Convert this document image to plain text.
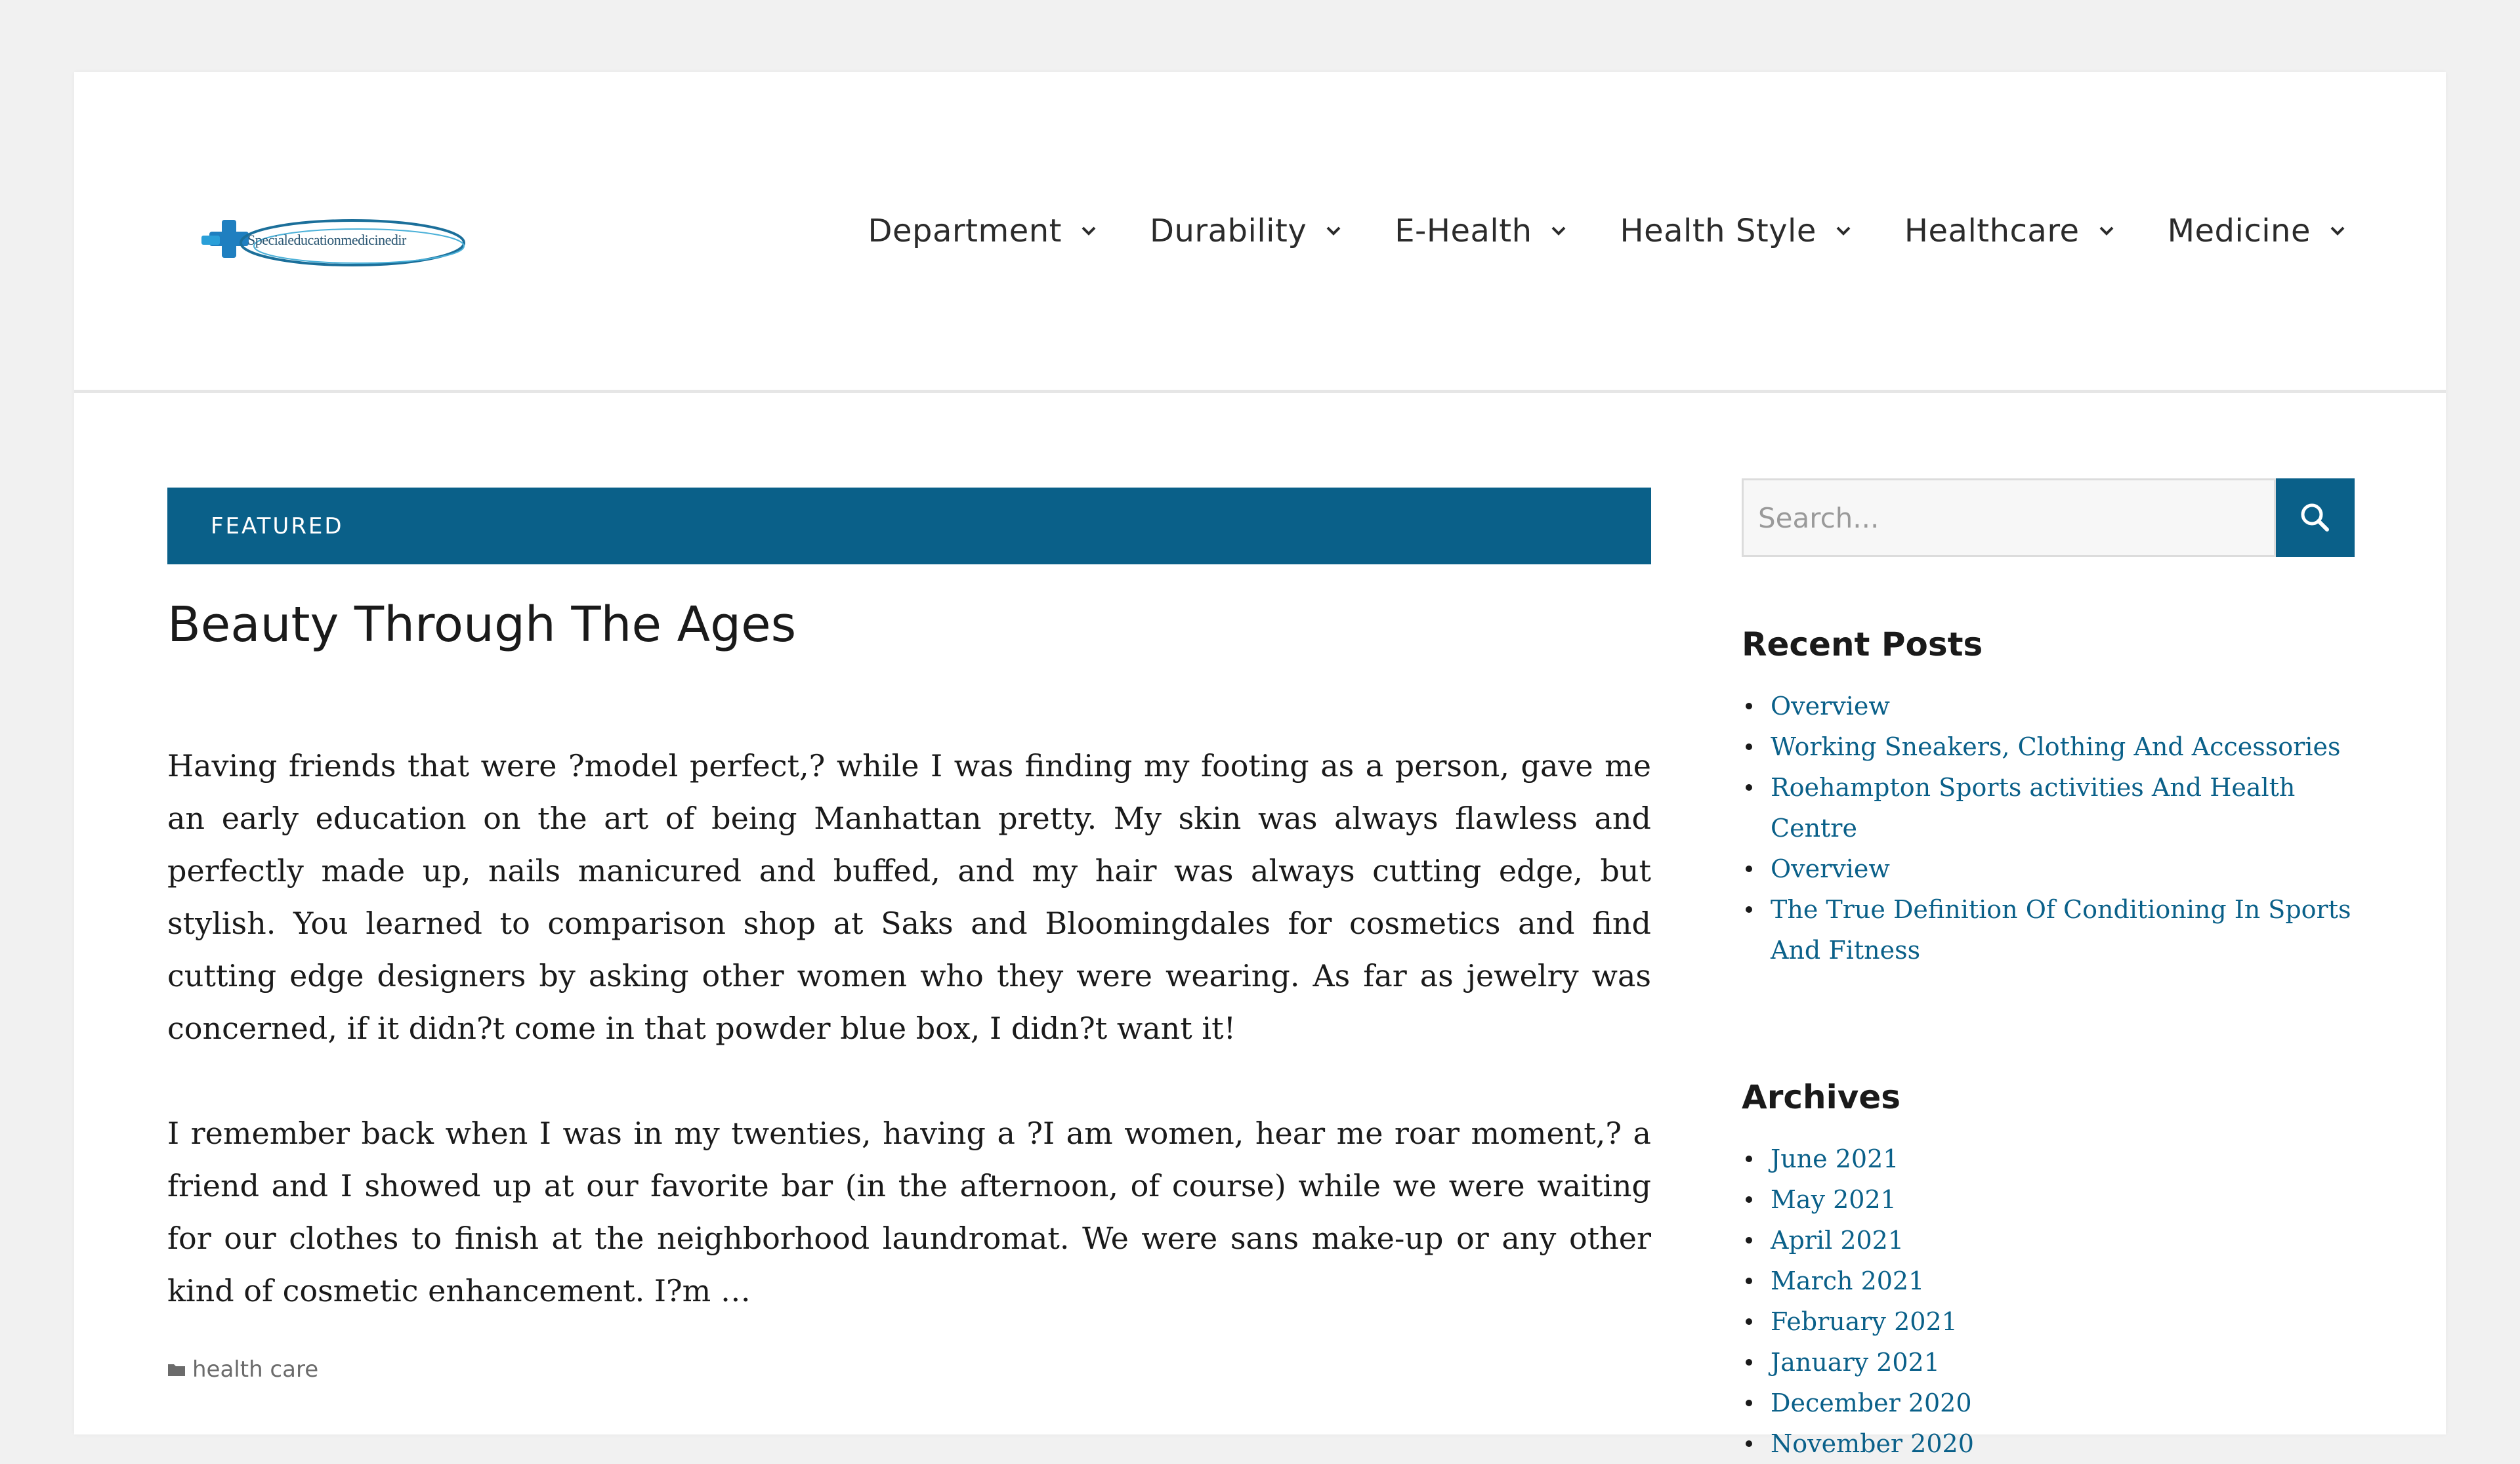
Specialeducationmedicinedir	Department	Durability	E-Health	Health Style	Healthcare	Medicine
FEATURED
Beauty Through The Ages

Having friends that were ?model perfect,? while I was finding my footing as a person, gave me an early education on the art of being Manhattan pretty. My skin was always flawless and perfectly made up, nails manicured and buffed, and my hair was always cutting edge, but stylish. You learned to comparison shop at Saks and Bloomingdales for cosmetics and find cutting edge designers by asking other women who they were wearing. As far as jewelry was concerned, if it didn?t come in that powder blue box, I didn?t want it!

I remember back when I was in my twenties, having a ?I am women, hear me roar moment,? a friend and I showed up at our favorite bar (in the afternoon, of course) while we were waiting for our clothes to finish at the neighborhood laundromat. We were sans make-up or any other kind of cosmetic enhancement. I?m …

health care
Search...
Recent Posts
Overview
Working Sneakers, Clothing And Accessories
Roehampton Sports activities And Health Centre
Overview
The True Definition Of Conditioning In Sports And Fitness
Archives
June 2021
May 2021
April 2021
March 2021
February 2021
January 2021
December 2020
November 2020
